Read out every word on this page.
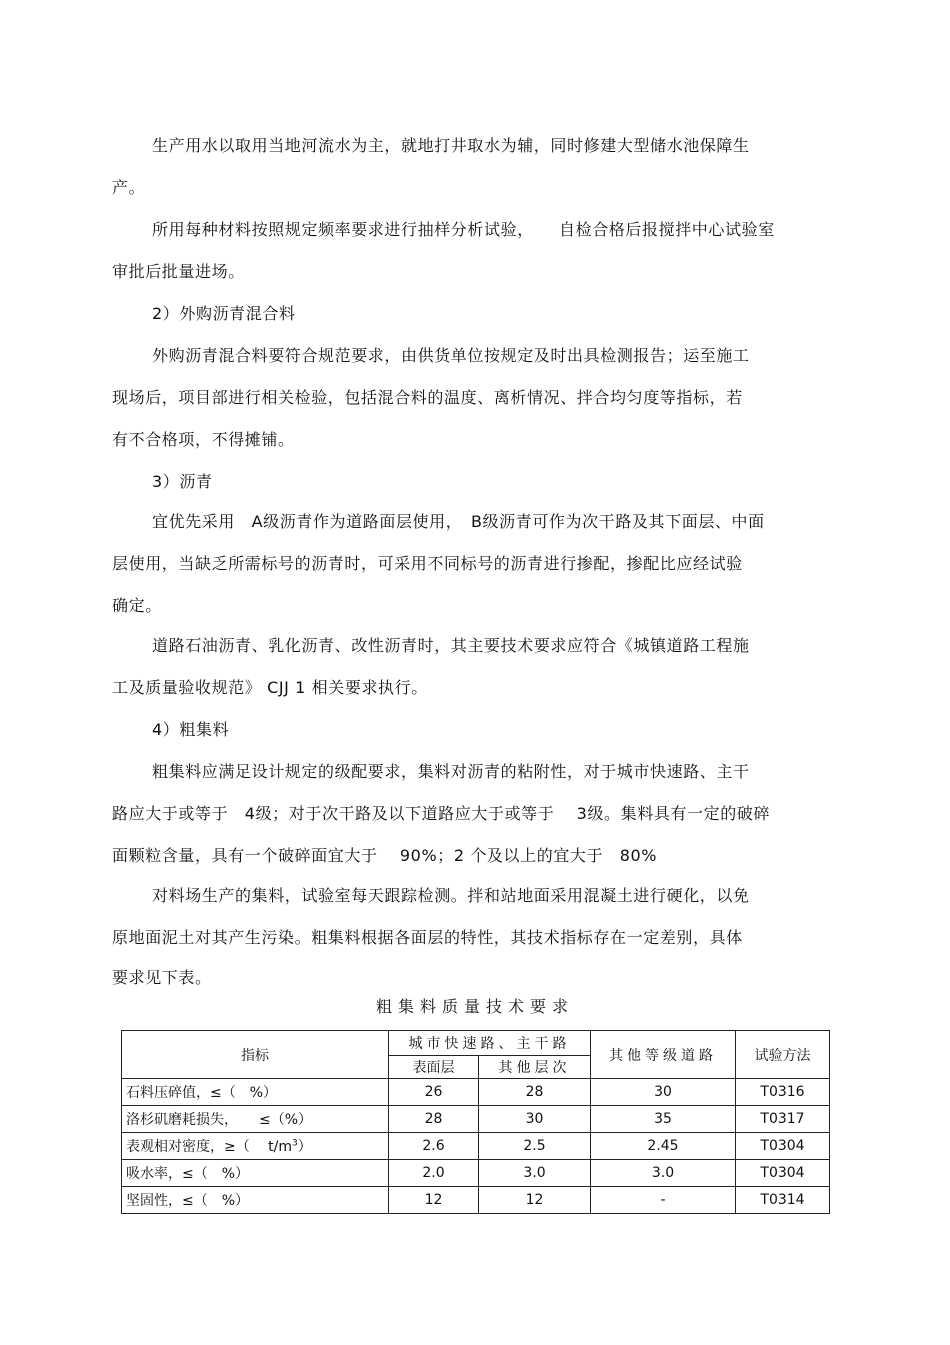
生产用水以取用当地河流水为主，就地打井取水为辅，同时修建大型储水池保障生
产。
所用每种材料按照规定频率要求进行抽样分析试验，　　自检合格后报搅拌中心试验室
审批后批量进场。
2）外购沥青混合料
外购沥青混合料要符合规范要求，由供货单位按规定及时出具检测报告；运至施工
现场后，项目部进行相关检验，包括混合料的温度、离析情况、拌合均匀度等指标，若
有不合格项，不得摊铺。
3）沥青
宜优先采用　A级沥青作为道路面层使用，　B级沥青可作为次干路及其下面层、中面
层使用，当缺乏所需标号的沥青时，可采用不同标号的沥青进行掺配，掺配比应经试验
确定。
道路石油沥青、乳化沥青、改性沥青时，其主要技术要求应符合《城镇道路工程施
工及质量验收规范》 CJJ 1 相关要求执行。
4）粗集料
粗集料应满足设计规定的级配要求，集料对沥青的粘附性，对于城市快速路、主干
路应大于或等于　4级；对于次干路及以下道路应大于或等于　 3级。集料具有一定的破碎
面颗粒含量，具有一个破碎面宜大于　 90%；2 个及以上的宜大于　80%
对料场生产的集料，试验室每天跟踪检测。拌和站地面采用混凝土进行硬化，以免
原地面泥土对其产生污染。粗集料根据各面层的特性，其技术指标存在一定差别，具体
要求见下表。
粗集料质量技术要求
指标	城市快速路、主干路		其他等级道路	试验方法
	表面层	其他层次		
石料压碎值，≤（　%）	26	28	30	T0316
洛杉矶磨耗损失，　　≤（%）	28	30	35	T0317
表观相对密度，≥（　 $t/m^3$）	2.6	2.5	2.45	T0304
吸水率，≤（　%）	2.0	3.0	3.0	T0304
坚固性，≤（　%）	12	12	-	T0314
